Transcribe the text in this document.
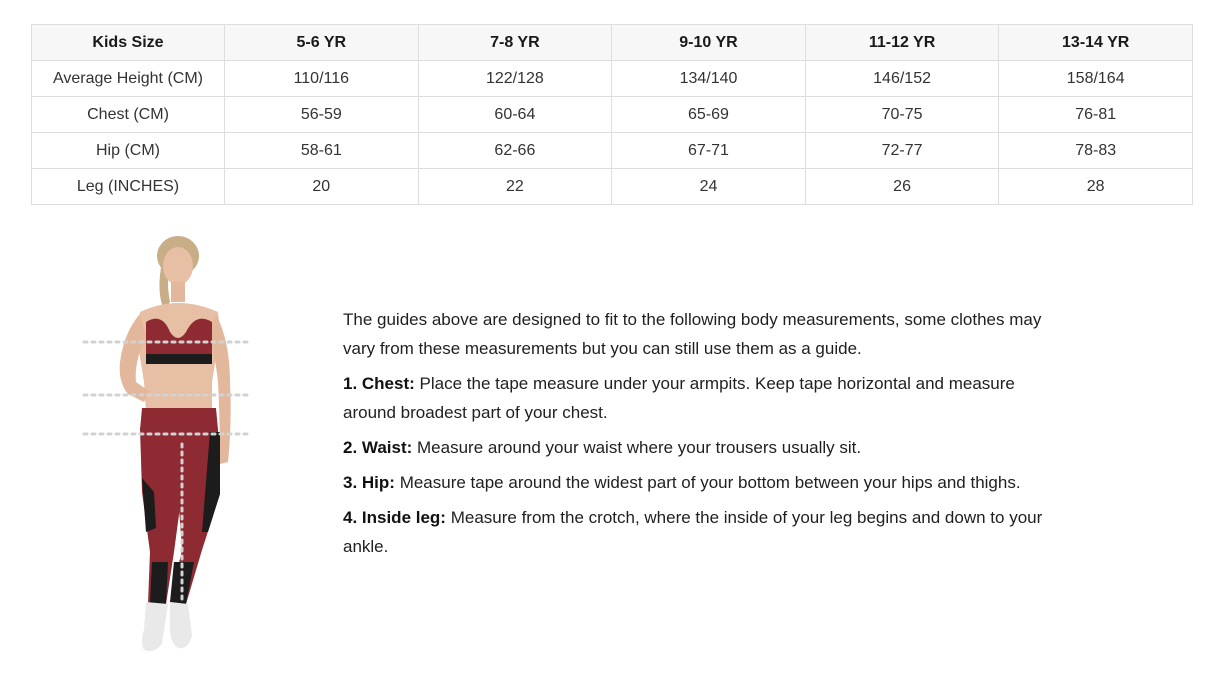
Kids Size	5-6 YR	7-8 YR	9-10 YR	11-12 YR	13-14 YR
Average Height (CM)	110/116	122/128	134/140	146/152	158/164
Chest (CM)	56-59	60-64	65-69	70-75	76-81
Hip (CM)	58-61	62-66	67-71	72-77	78-83
Leg (INCHES)	20	22	24	26	28

The guides above are designed to fit to the following body measurements, some clothes may vary from these measurements but you can still use them as a guide.

1. Chest: Place the tape measure under your armpits. Keep tape horizontal and measure around broadest part of your chest.

2. Waist: Measure around your waist where your trousers usually sit.

3. Hip: Measure tape around the widest part of your bottom between your hips and thighs.

4. Inside leg: Measure from the crotch, where the inside of your leg begins and down to your ankle.
